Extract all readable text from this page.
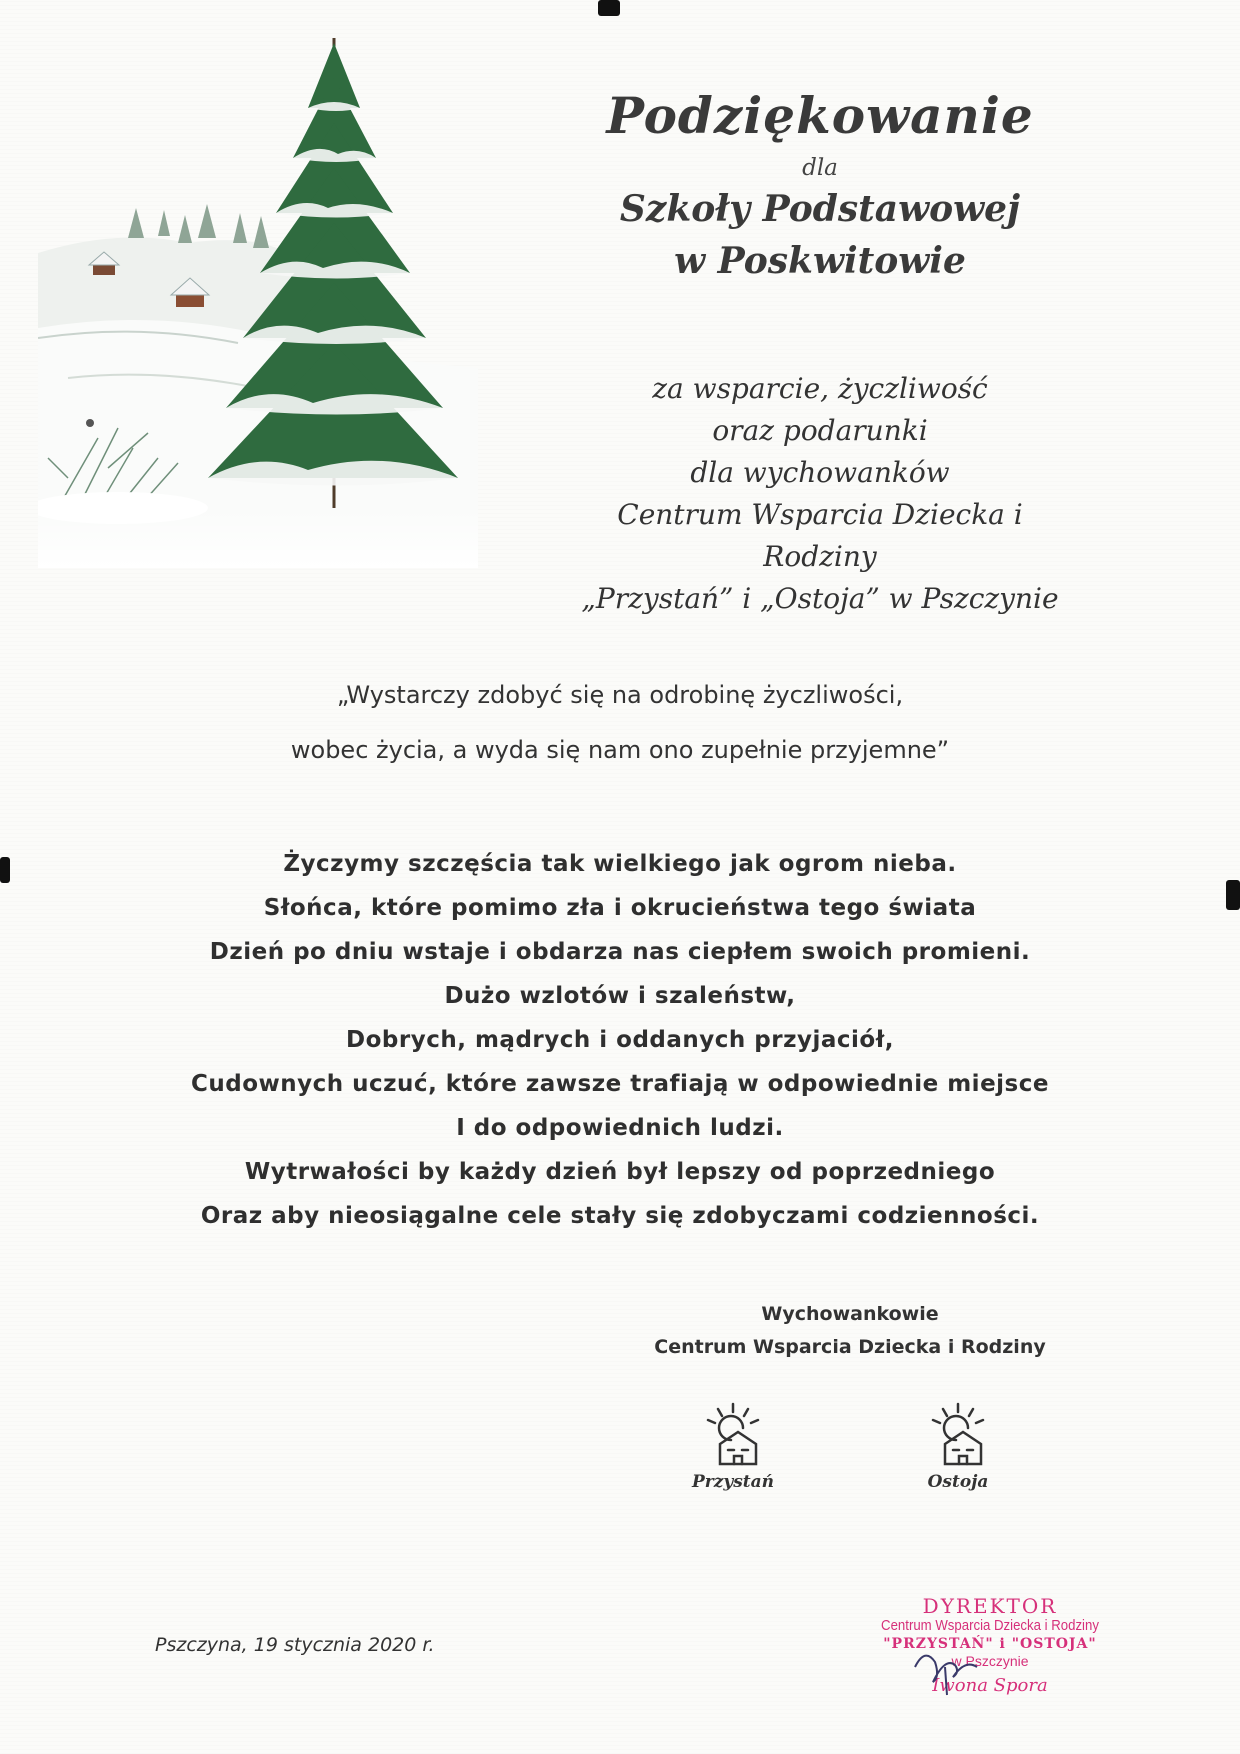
Podziękowanie
dla
Szkoły Podstawowej
w Poskwitowie
za wsparcie, życzliwość
oraz podarunki
dla wychowanków
Centrum Wsparcia Dziecka i Rodziny
„Przystań” i „Ostoja” w Pszczynie
„Wystarczy zdobyć się na odrobinę życzliwości,
wobec życia, a wyda się nam ono zupełnie przyjemne”
Życzymy szczęścia tak wielkiego jak ogrom nieba.
Słońca, które pomimo zła i okrucieństwa tego świata
Dzień po dniu wstaje i obdarza nas ciepłem swoich promieni.
Dużo wzlotów i szaleństw,
Dobrych, mądrych i oddanych przyjaciół,
Cudownych uczuć, które zawsze trafiają w odpowiednie miejsce
I do odpowiednich ludzi.
Wytrwałości by każdy dzień był lepszy od poprzedniego
Oraz aby nieosiągalne cele stały się zdobyczami codzienności.
Wychowankowie
Centrum Wsparcia Dziecka i Rodziny
Przystań	Ostoja
Pszczyna, 19 stycznia 2020 r.
DYREKTOR
Centrum Wsparcia Dziecka i Rodziny
"PRZYSTAŃ" i "OSTOJA"
w Pszczynie
Iwona Spora
